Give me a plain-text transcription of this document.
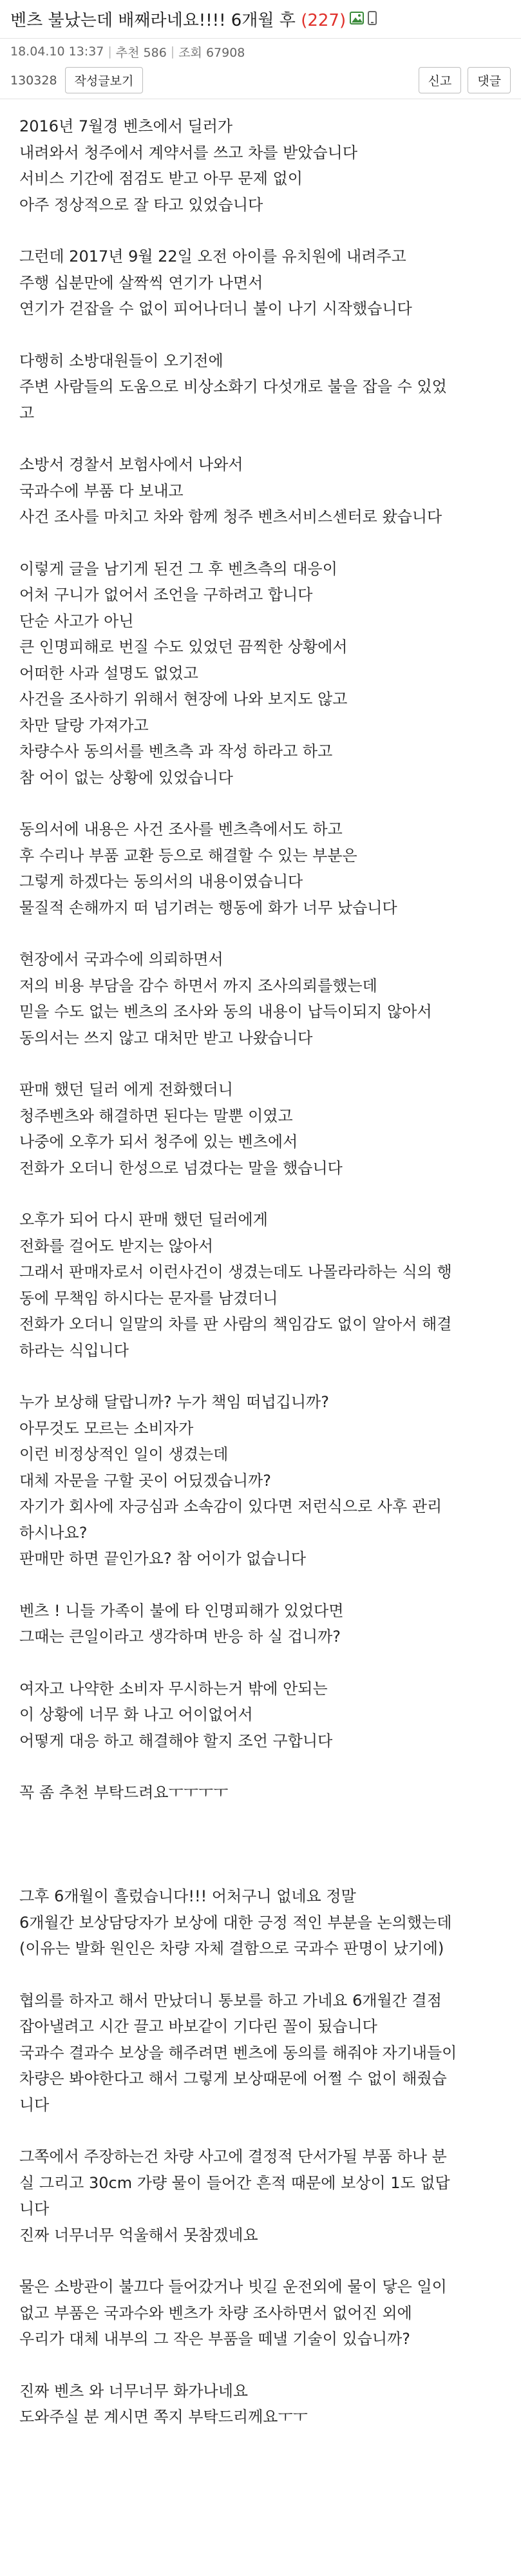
벤츠 불났는데 배째라네요!!!! 6개월 후 (227)
18.04.10 13:37 | 추천 586 | 조회 67908
130328	작성글보기	신고	댓글
2016년 7월경 벤츠에서 딜러가
내려와서 청주에서 계약서를 쓰고 차를 받았습니다
서비스 기간에 점검도 받고 아무 문제 없이
아주 정상적으로 잘 타고 있었습니다
그런데 2017년 9월 22일 오전 아이를 유치원에 내려주고
주행 십분만에 살짝씩 연기가 나면서
연기가 걷잡을 수 없이 피어나더니 불이 나기 시작했습니다
다행히 소방대원들이 오기전에
주변 사람들의 도움으로 비상소화기 다섯개로 불을 잡을 수 있었
고
소방서 경찰서 보험사에서 나와서
국과수에 부품 다 보내고
사건 조사를 마치고 차와 함께 청주 벤츠서비스센터로 왔습니다
이렇게 글을 남기게 된건 그 후 벤츠측의 대응이
어처 구니가 없어서 조언을 구하려고 합니다
단순 사고가 아닌
큰 인명피해로 번질 수도 있었던 끔찍한 상황에서
어떠한 사과 설명도 없었고
사건을 조사하기 위해서 현장에 나와 보지도 않고
차만 달랑 가져가고
차량수사 동의서를 벤츠측 과 작성 하라고 하고
참 어이 없는 상황에 있었습니다
동의서에 내용은 사건 조사를 벤츠측에서도 하고
후 수리나 부품 교환 등으로 해결할 수 있는 부분은
그렇게 하겠다는 동의서의 내용이였습니다
물질적 손해까지 떠 넘기려는 행동에 화가 너무 났습니다
현장에서 국과수에 의뢰하면서
저의 비용 부담을 감수 하면서 까지 조사의뢰를했는데
믿을 수도 없는 벤츠의 조사와 동의 내용이 납득이되지 않아서
동의서는 쓰지 않고 대처만 받고 나왔습니다
판매 했던 딜러 에게 전화했더니
청주벤츠와 해결하면 된다는 말뿐 이였고
나중에 오후가 되서 청주에 있는 벤츠에서
전화가 오더니 한성으로 넘겼다는 말을 했습니다
오후가 되어 다시 판매 했던 딜러에게
전화를 걸어도 받지는 않아서
그래서 판매자로서 이런사건이 생겼는데도 나몰라라하는 식의 행
동에 무책임 하시다는 문자를 남겼더니
전화가 오더니 일말의 차를 판 사람의 책임감도 없이 알아서 해결
하라는 식입니다
누가 보상해 달랍니까? 누가 책임 떠넙깁니까?
아무것도 모르는 소비자가
이런 비정상적인 일이 생겼는데
대체 자문을 구할 곳이 어딨겠습니까?
자기가 회사에 자긍심과 소속감이 있다면 저런식으로 사후 관리
하시나요?
판매만 하면 끝인가요? 참 어이가 없습니다
벤츠 ! 니들 가족이 불에 타 인명피해가 있었다면
그때는 큰일이라고 생각하며 반응 하 실 겁니까?
여자고 나약한 소비자 무시하는거 밖에 안되는
이 상황에 너무 화 나고 어이없어서
어떻게 대응 하고 해결해야 할지 조언 구합니다
꼭 좀 추천 부탁드려요ㅜㅜㅜㅜ
그후 6개월이 흘렀습니다!!! 어처구니 없네요 정말
6개월간 보상담당자가 보상에 대한 긍정 적인 부분을 논의했는데
(이유는 발화 원인은 차량 자체 결함으로 국과수 판명이 났기에)
협의를 하자고 해서 만났더니 통보를 하고 가네요 6개월간 결점
잡아낼려고 시간 끌고 바보같이 기다린 꼴이 됬습니다
국과수 결과수 보상을 해주려면 벤츠에 동의를 해줘야 자기내들이
차량은 봐야한다고 해서 그렇게 보상때문에 어쩔 수 없이 해줬습
니다
그쪽에서 주장하는건 차량 사고에 결정적 단서가될 부품 하나 분
실 그리고 30cm 가량 물이 들어간 흔적 때문에 보상이 1도 없답
니다
진짜 너무너무 억울해서 못참겠네요
물은 소방관이 불끄다 들어갔거나 빗길 운전외에 물이 닿은 일이
없고 부품은 국과수와 벤츠가 차량 조사하면서 없어진 외에
우리가 대체 내부의 그 작은 부품을 떼낼 기술이 있습니까?
진짜 벤츠 와 너무너무 화가나네요
도와주실 분 계시면 쪽지 부탁드리께요ㅜㅜ
